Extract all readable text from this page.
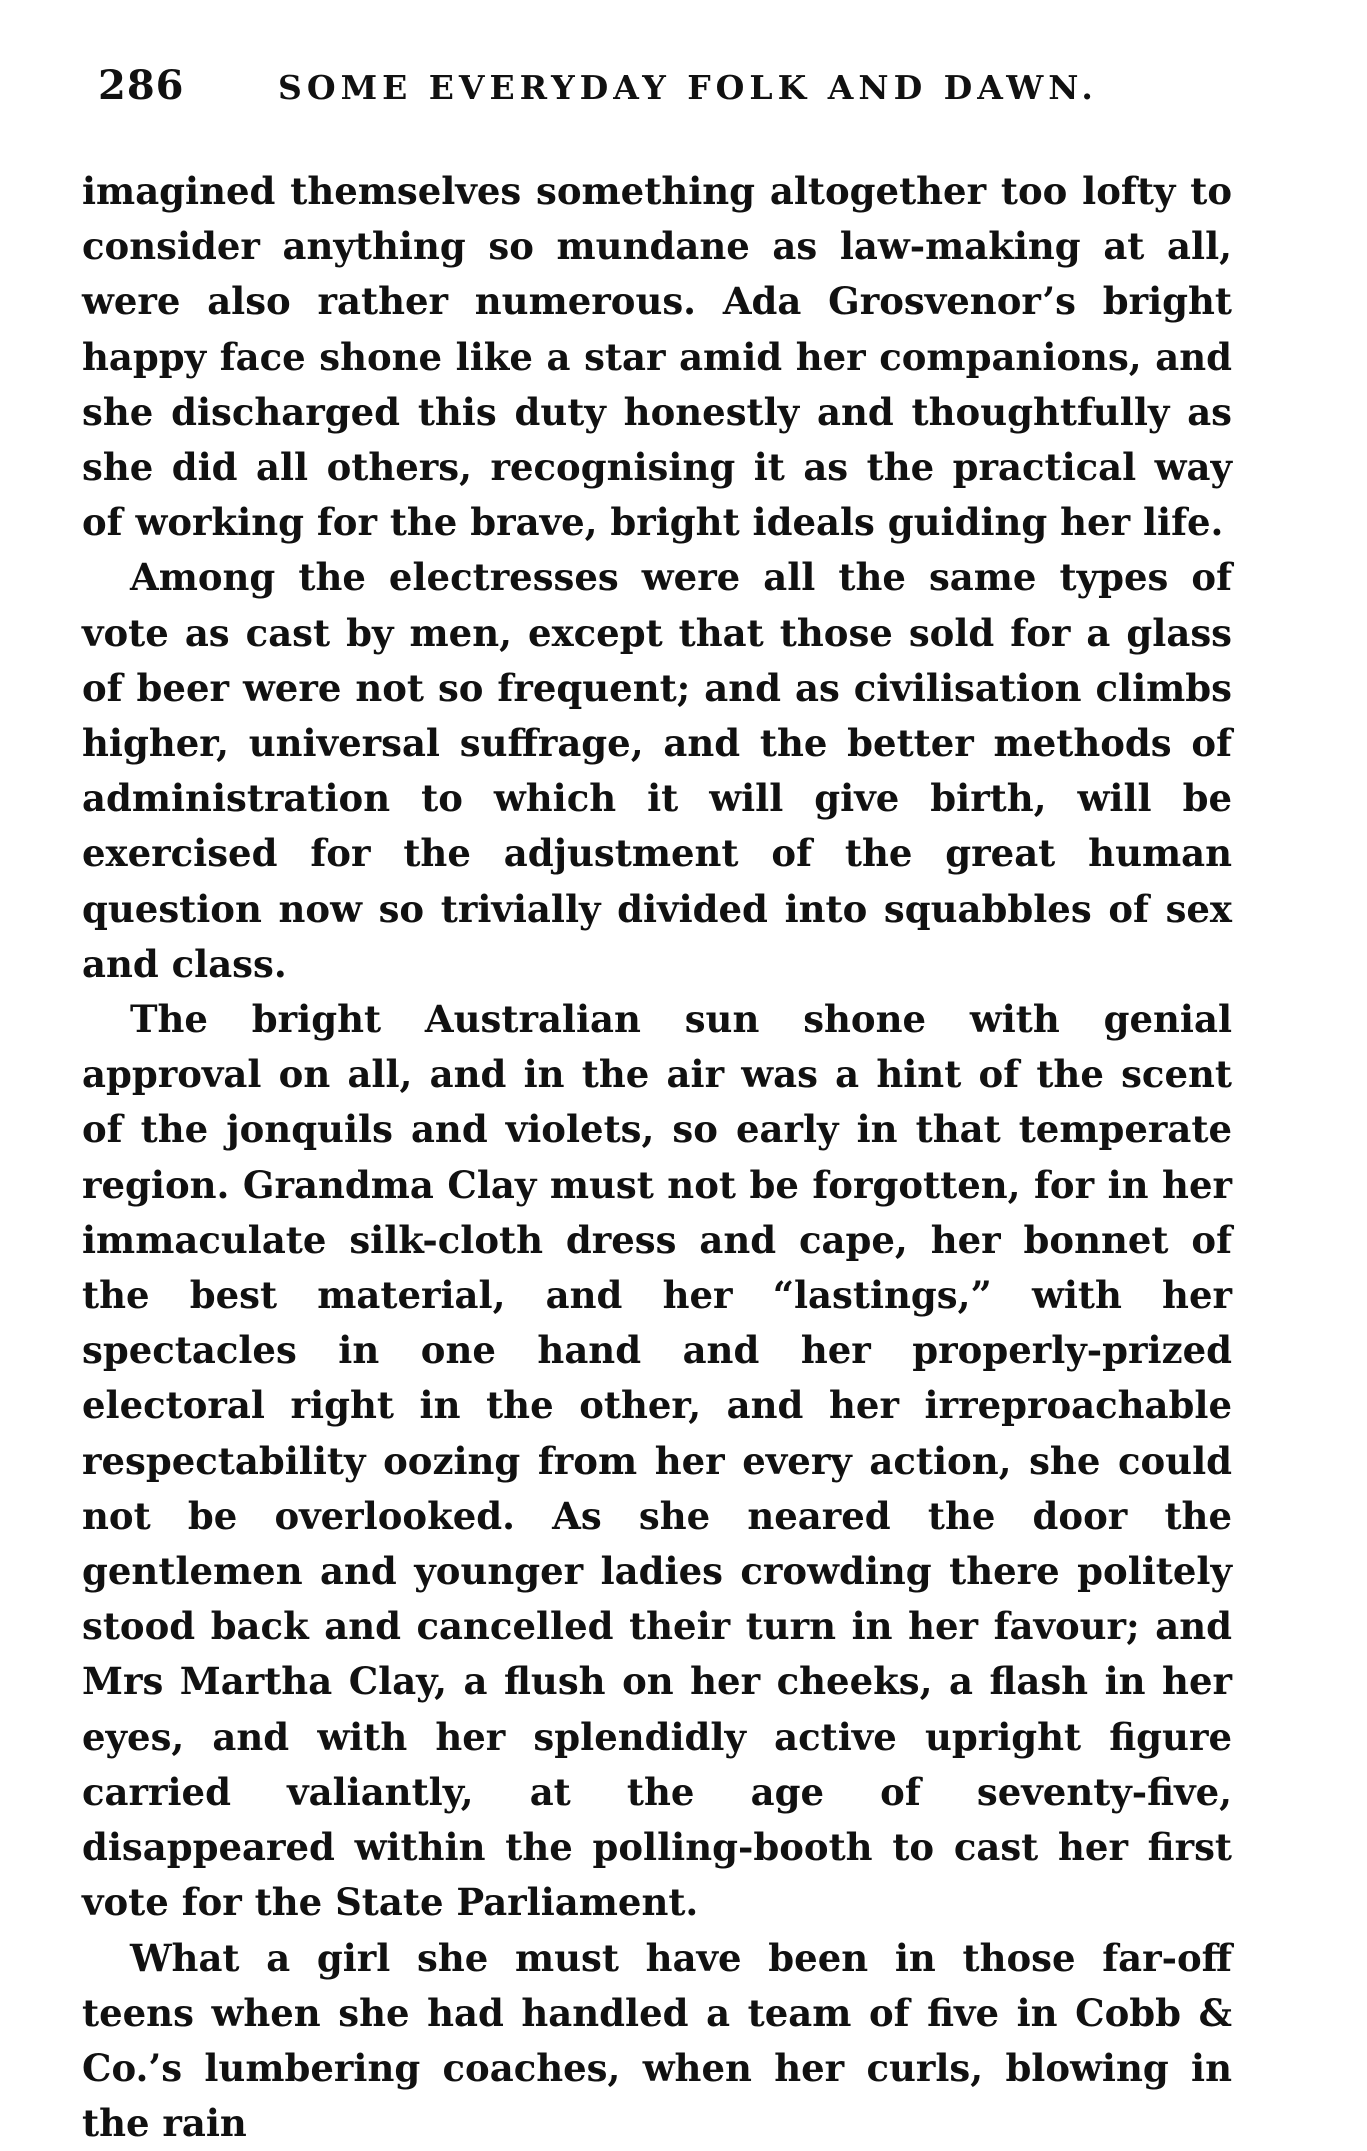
286	SOME EVERYDAY FOLK AND DAWN.

imagined themselves something altogether too lofty to consider anything so mundane as law-making at all, were also rather numerous. Ada Grosvenor’s bright happy face shone like a star amid her companions, and she discharged this duty honestly and thoughtfully as she did all others, recognising it as the practical way of working for the brave, bright ideals guiding her life.

Among the electresses were all the same types of vote as cast by men, except that those sold for a glass of beer were not so frequent; and as civilisation climbs higher, universal suffrage, and the better methods of administration to which it will give birth, will be exercised for the adjustment of the great human question now so trivially divided into squabbles of sex and class.

The bright Australian sun shone with genial approval on all, and in the air was a hint of the scent of the jonquils and violets, so early in that temperate region. Grandma Clay must not be forgotten, for in her immaculate silk-cloth dress and cape, her bonnet of the best material, and her “lastings,” with her spectacles in one hand and her properly-prized electoral right in the other, and her irreproachable respectability oozing from her every action, she could not be overlooked. As she neared the door the gentlemen and younger ladies crowding there politely stood back and cancelled their turn in her favour; and Mrs Martha Clay, a flush on her cheeks, a flash in her eyes, and with her splendidly active upright figure carried valiantly, at the age of seventy-five, disappeared within the polling-booth to cast her first vote for the State Parliament.

What a girl she must have been in those far-off teens when she had handled a team of five in Cobb & Co.’s lumbering coaches, when her curls, blowing in the rain
